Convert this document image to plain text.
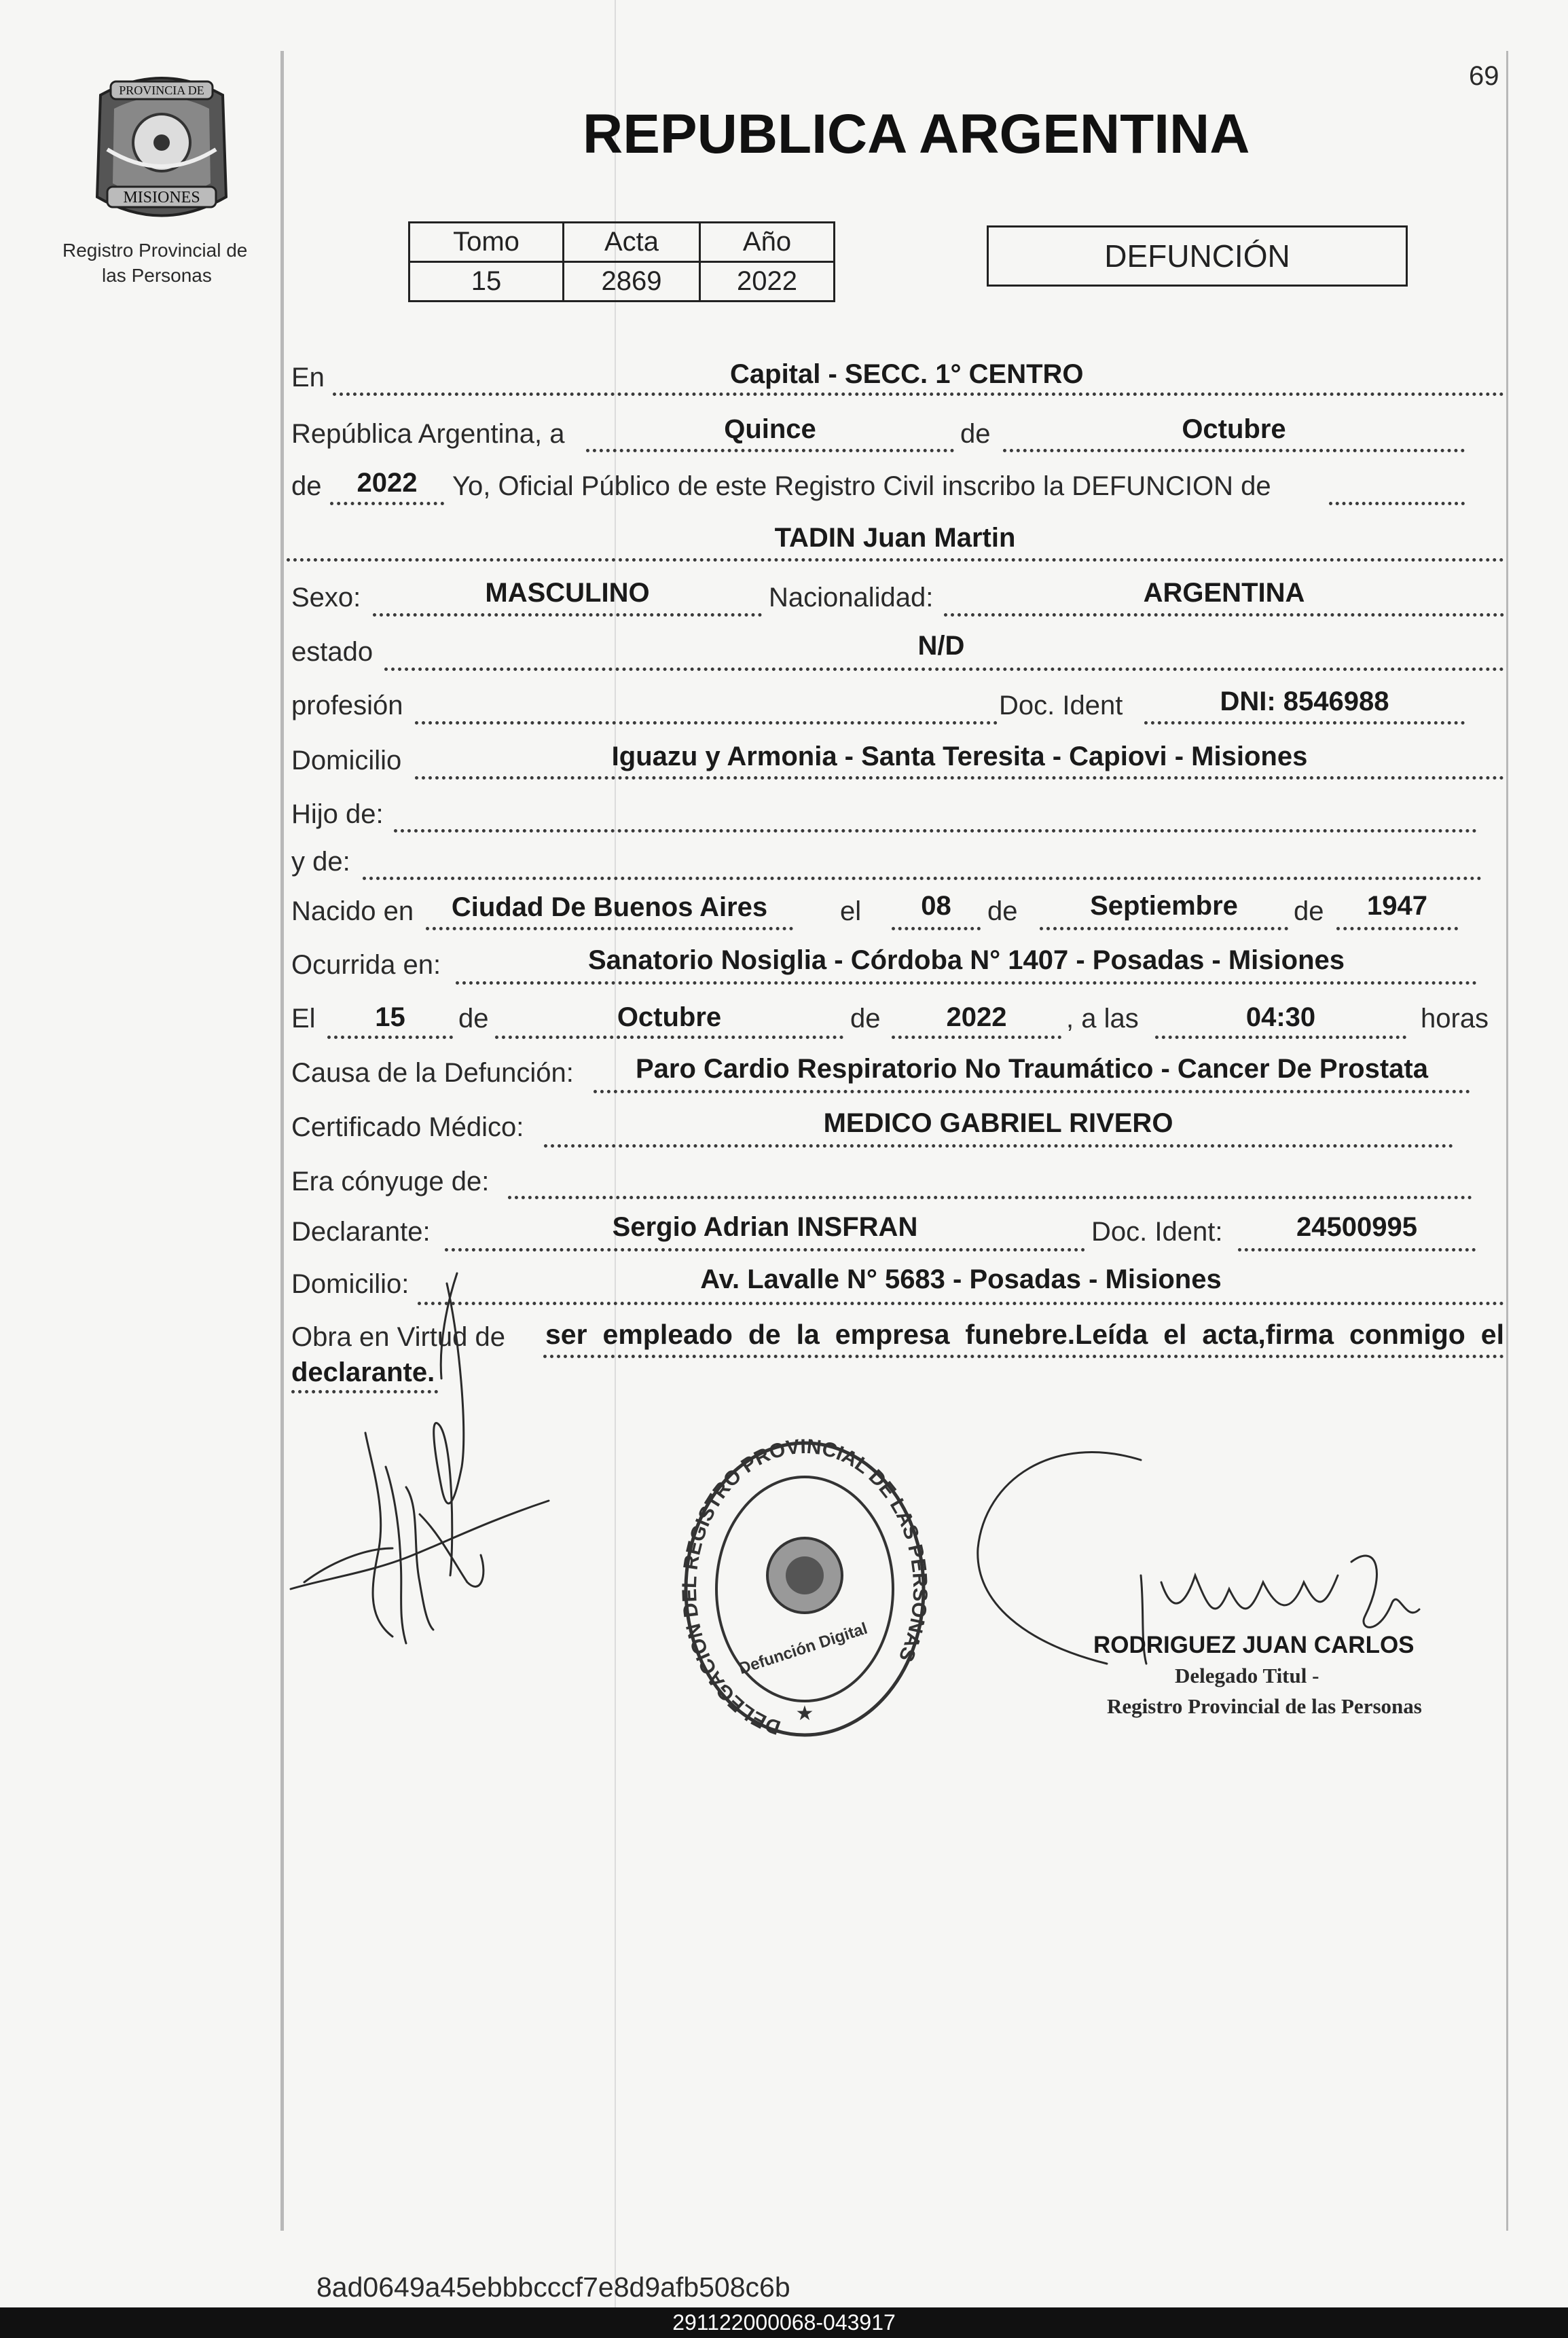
69
PROVINCIA DE
MISIONES
Registro Provincial de
las Personas
REPUBLICA ARGENTINA
Tomo	Acta	Año
15	2869	2022
DEFUNCIÓN
En	Capital - SECC. 1° CENTRO
República Argentina, a	Quince	de	Octubre
de	2022	Yo, Oficial Público de este Registro Civil inscribo la DEFUNCION de
TADIN Juan Martin
Sexo:	MASCULINO	Nacionalidad:	ARGENTINA
estado	N/D
profesión	Doc. Ident	DNI: 8546988
Domicilio	Iguazu y Armonia - Santa Teresita - Capiovi - Misiones
Hijo de:
y de:
Nacido en	Ciudad De Buenos Aires	el	08	de	Septiembre	de	1947
Ocurrida en:	Sanatorio Nosiglia - Córdoba N° 1407 - Posadas - Misiones
El	15	de	Octubre	de	2022	, a las	04:30	horas
Causa de la Defunción:	Paro Cardio Respiratorio No Traumático - Cancer De Prostata
Certificado Médico:	MEDICO GABRIEL RIVERO
Era cónyuge de:
Declarante:	Sergio Adrian INSFRAN	Doc. Ident:	24500995
Domicilio:	Av. Lavalle N° 5683 - Posadas - Misiones
Obra en Virtud de ser empleado de la empresa funebre.Leída el acta,firma conmigo el
declarante.
DELEGACION DEL REGISTRO PROVINCIAL DE LAS PERSONAS
Defunción Digital
★
RODRIGUEZ JUAN CARLOS
Delegado Titul -
Registro Provincial de las Personas
8ad0649a45ebbbcccf7e8d9afb508c6b
291122000068-043917
